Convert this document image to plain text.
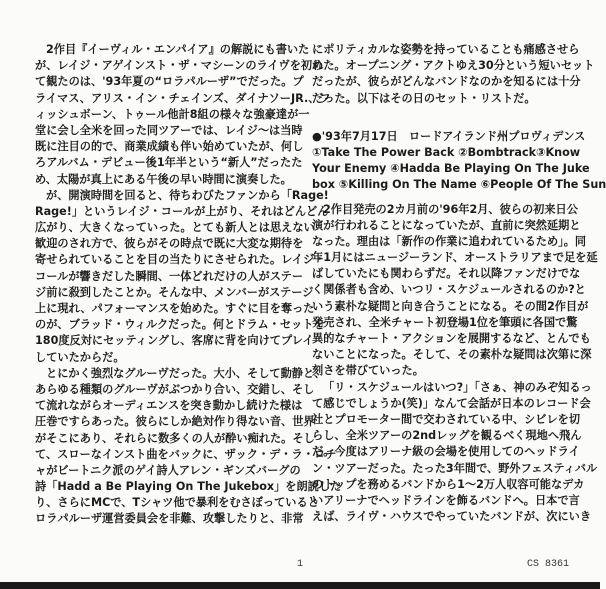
2作目『イーヴィル・エンパイア』の解説にも書いた
が、レイジ・アゲインスト・ザ・マシーンのライヴを初め
て観たのは、'93年夏の“ロラパルーザ”でだった。プ
ライマス、アリス・イン・チェインズ、ダイナソーJR.、フ
ィッシュボーン、トゥール他計8組の様々な強豪達が一
堂に会し全米を回った同ツアーでは、レイジ～は当時
既に注目の的で、商業成績も伴い始めていたが、何し
ろアルバム・デビュー後1年半という“新人”だったた
め、太陽が真上にある午後の早い時間に演奏した。
が、開演時間を回ると、待ちわびたファンから「Rage!
Rage!」というレイジ・コールが上がり、それはどんどん
広がり、大きくなっていった。とても新人とは思えない
歓迎のされ方で、彼らがその時点で既に大変な期待を
寄せられていることを目の当たりにさせられた。レイジ・
コールが響きだした瞬間、一体どれだけの人がステー
ジ前に殺到したことか。そんな中、メンバーがステージ
上に現れ、パフォーマンスを始めた。すぐに目を奪った
のが、ブラッド・ウィルクだった。何とドラム・セットを
180度反対にセッティングし、客席に背を向けてプレイ
していたからだ。
とにかく強烈なグルーヴだった。大小、そして動静と、
あらゆる種類のグルーヴがぶつかり合い、交錯し、そし
て流れながらオーディエンスを突き動かし続けた様は
圧巻ですらあった。彼らにしか絶対作り得ない音、世界
がそこにあり、それらに数多くの人が酔い痴れた。そし
て、スローなインスト曲をバックに、ザック・デ・ラ・ロチ
ャがビートニク派のゲイ詩人アレン・ギンズバーグの
詩「Hadd a Be Playing On The Jukebox」を朗読した
り、さらにMCで、Tシャツ他で暴利をむさぼっていると
ロラパルーザ運営委員会を非難、攻撃したりと、非常
にポリティカルな姿勢を持っていることも痛感させら
れた。オープニング・アクトゆえ30分という短いセット
だったが、彼らがどんなバンドなのかを知るには十分
だった。以下はその日のセット・リストだ。
●'93年7月17日　ロードアイランド州プロヴィデンス
①Take The Power Back ②Bombtrack③Know
Your Enemy ④Hadda Be Playing On The Juke
box ⑤Killing On The Name ⑥People Of The Sun
2作目発売の2カ月前の'96年2月、彼らの初来日公
演が行われることになっていたが、直前に突然延期と
なった。理由は「新作の作業に追われているため」。同
年1月にはニュージーランド、オーストラリアまで足を延
ばしていたにも関わらずだ。それ以降ファンだけでな
く関係者も含め、いつリ・スケジュールされるのか?と
いう素朴な疑問と向き合うことになる。その間2作目が
発売され、全米チャート初登場1位を筆頭に各国で驚
異的なチャート・アクションを展開するなど、とんでも
ないことになった。そして、その素朴な疑問は次第に深
刻さを帯びていった。
「リ・スケジュールはいつ?」「さぁ、神のみぞ知るっ
て感じでしょうか(笑)」なんて会話が日本のレコード会
社とプロモーター間で交わされている中、シビレを切
らし、全米ツアーの2ndレッグを観るべく現地へ飛ん
だ。今度はアリーナ級の会場を使用してのヘッドライ
ン・ツアーだった。たった3年間で、野外フェスティバル
のトップを務めるバンドから1～2万人収容可能なデカ
いアリーナでヘッドラインを飾るバンドへ。日本で言
えば、ライヴ・ハウスでやっていたバンドが、次にいき
1	CS 8361
